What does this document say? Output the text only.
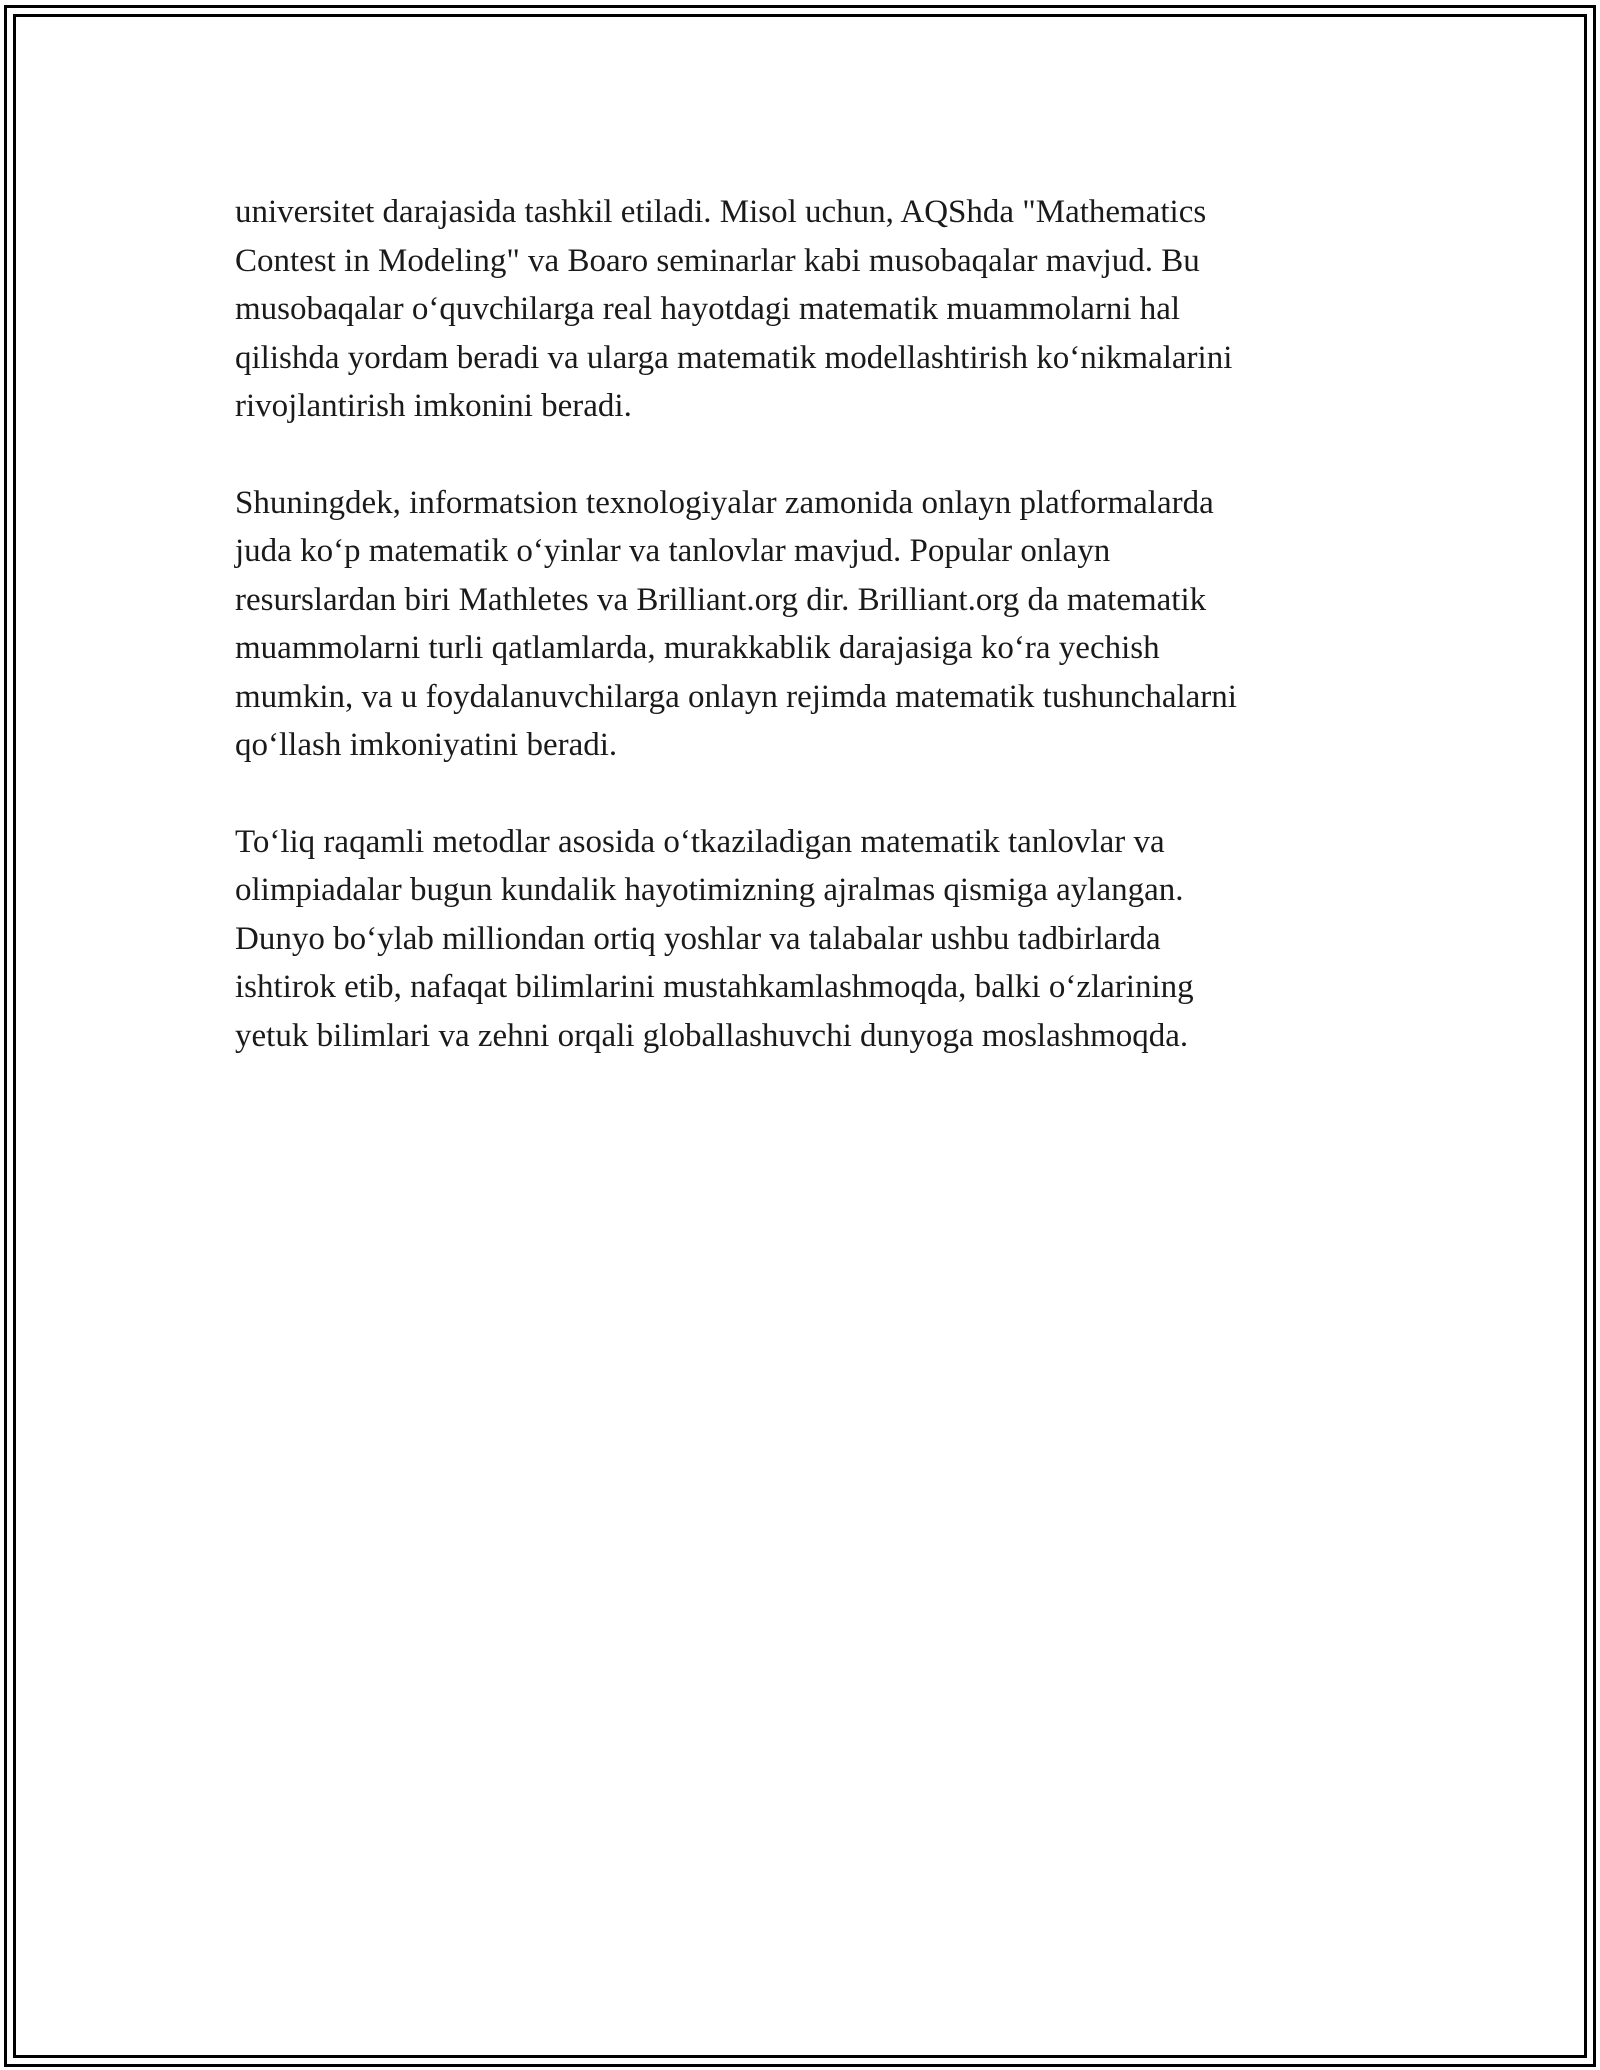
universitet darajasida tashkil etiladi. Misol uchun, AQShda "Mathematics
Contest in Modeling" va Boaro seminarlar kabi musobaqalar mavjud. Bu
musobaqalar o‘quvchilarga real hayotdagi matematik muammolarni hal
qilishda yordam beradi va ularga matematik modellashtirish ko‘nikmalarini
rivojlantirish imkonini beradi.

Shuningdek, informatsion texnologiyalar zamonida onlayn platformalarda
juda ko‘p matematik o‘yinlar va tanlovlar mavjud. Popular onlayn
resurslardan biri Mathletes va Brilliant.org dir. Brilliant.org da matematik
muammolarni turli qatlamlarda, murakkablik darajasiga ko‘ra yechish
mumkin, va u foydalanuvchilarga onlayn rejimda matematik tushunchalarni
qo‘llash imkoniyatini beradi.

To‘liq raqamli metodlar asosida o‘tkaziladigan matematik tanlovlar va
olimpiadalar bugun kundalik hayotimizning ajralmas qismiga aylangan.
Dunyo bo‘ylab milliondan ortiq yoshlar va talabalar ushbu tadbirlarda
ishtirok etib, nafaqat bilimlarini mustahkamlashmoqda, balki o‘zlarining
yetuk bilimlari va zehni orqali globallashuvchi dunyoga moslashmoqda.
